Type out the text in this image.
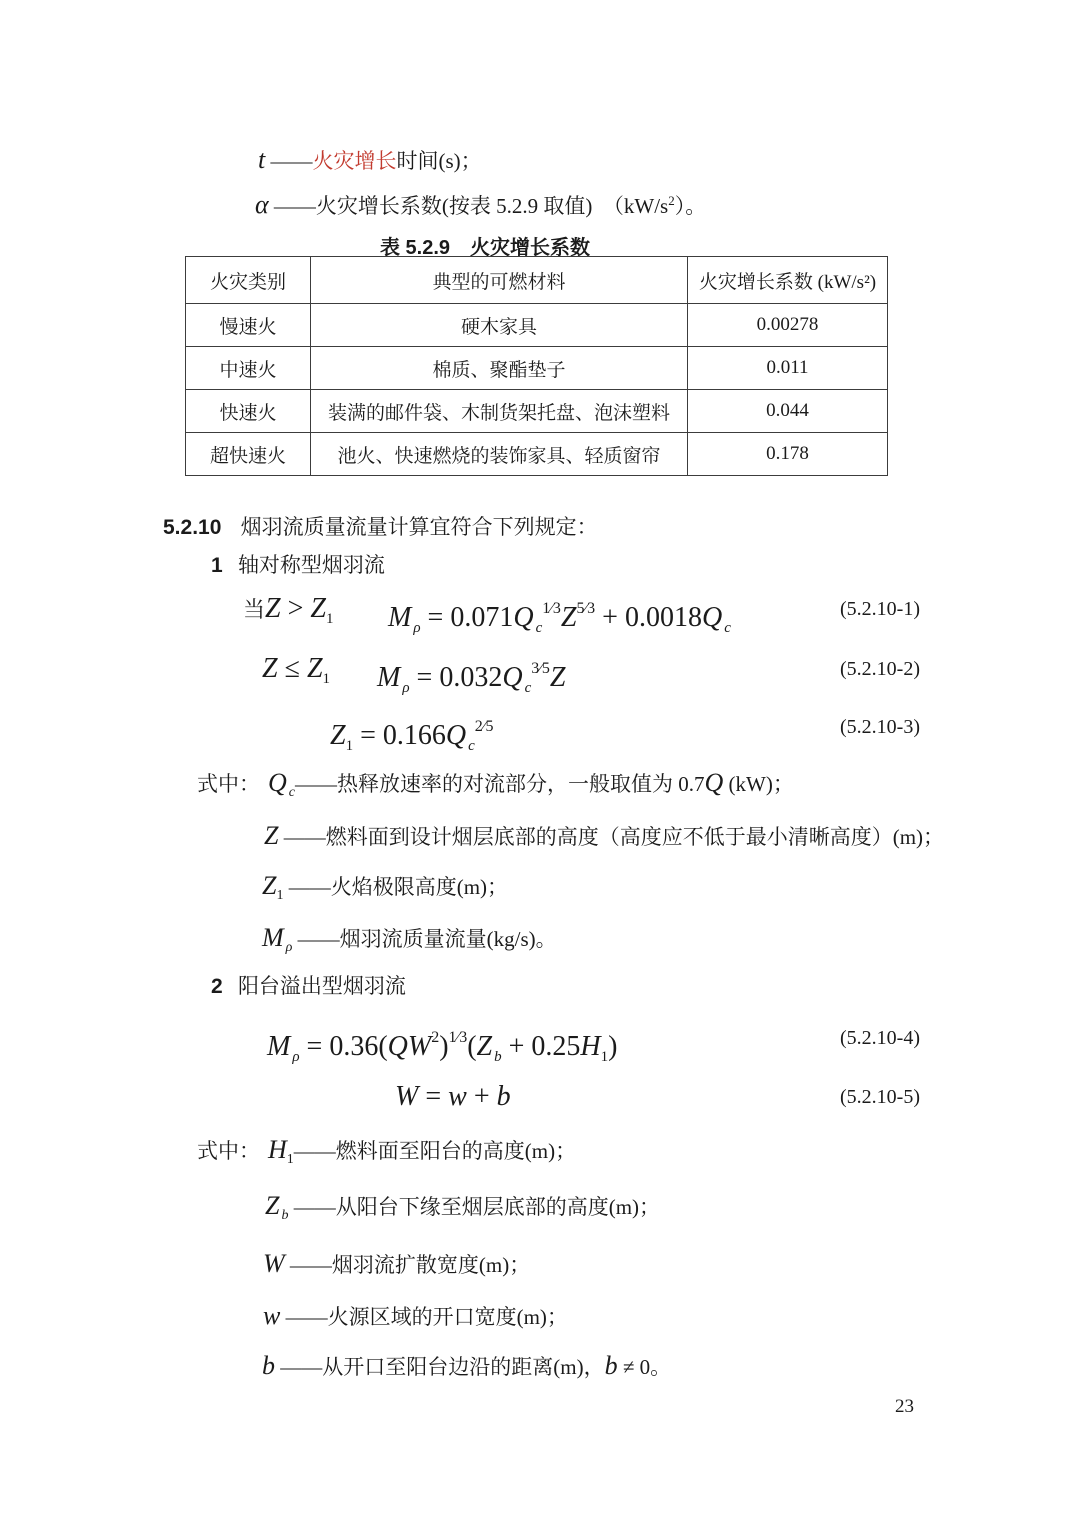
t ——火灾增长时间(s)；
α ——火灾增长系数(按表 5.2.9 取值)　$(kW/s^2)$。
表 5.2.9　火灾增长系数
火灾类别	典型的可燃材料	火灾增长系数 (kW/s²)
慢速火	硬木家具	0.00278
中速火	棉质、聚酯垫子	0.011
快速火	装满的邮件袋、木制货架托盘、泡沫塑料	0.044
超快速火	池火、快速燃烧的装饰家具、轻质窗帘	0.178
5.2.10 烟羽流质量流量计算宜符合下列规定：
1 轴对称型烟羽流
当$Z > Z_1$ M $_\rho$ = 0.071Q $_c^{1⁄3}Z^{5⁄3} + 0.0018Q$ $_c$
(5.2.10-1)
$Z \le Z_1$ M $_\rho$ = 0.032Q $_c^{3⁄5}$Z	(5.2.10-2)
$Z_1 = 0.166Q$ $_c^{2⁄5}$	(5.2.10-3)
式中： Q $_c$——热释放速率的对流部分，一般取值为 0.7Q (kW)；
Z ——燃料面到设计烟层底部的高度（高度应不低于最小清晰高度）(m)；
$Z_1$ ——火焰极限高度(m)；
M $_\rho$ ——烟羽流质量流量(kg/s)。
2 阳台溢出型烟羽流
M $_\rho = 0.36(QW^2)^{1⁄3}(Z$ $_b + 0.25H_1$)	(5.2.10-4)
W = w + b	(5.2.10-5)
式中： $H_1——$燃料面至阳台的高度(m)；
Z $_b$ ——从阳台下缘至烟层底部的高度(m)；
W ——烟羽流扩散宽度(m)；
w ——火源区域的开口宽度(m)；
b ——从开口至阳台边沿的距离(m)，b ≠ 0。
23
